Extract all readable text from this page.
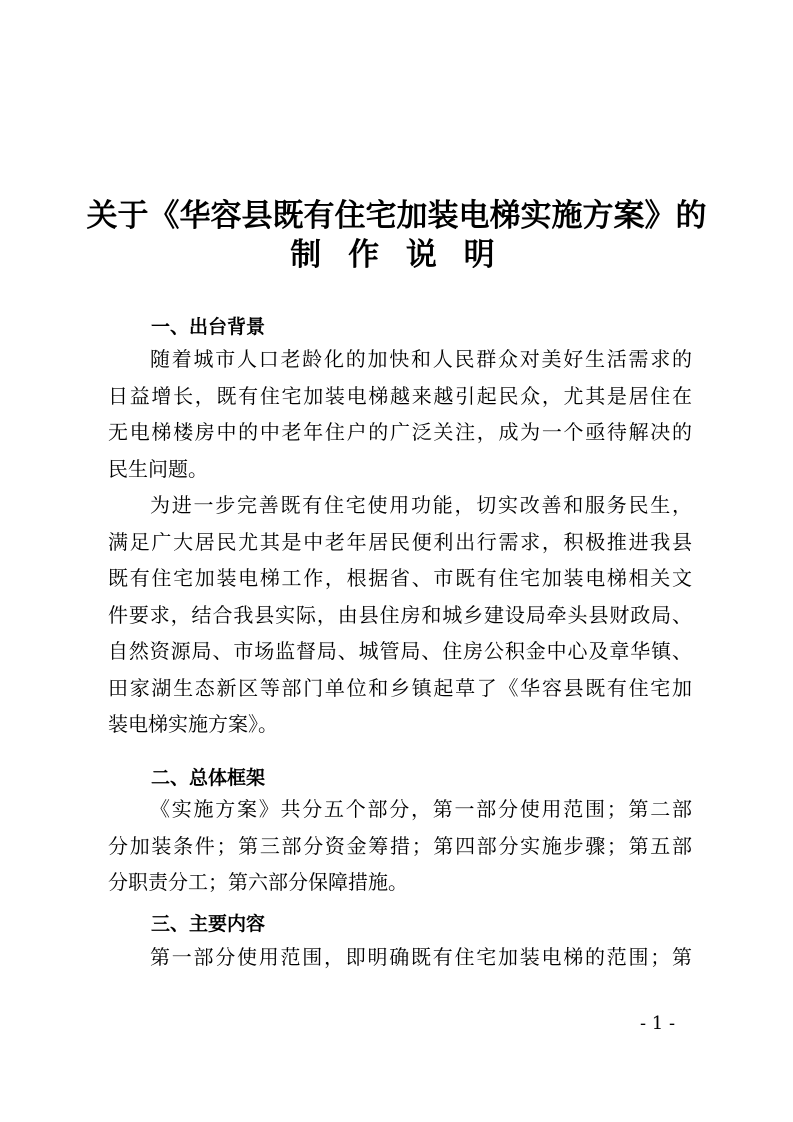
关于《华容县既有住宅加装电梯实施方案》的
制 作 说 明
一、出台背景
随着城市人口老龄化的加快和人民群众对美好生活需求的
日益增长，既有住宅加装电梯越来越引起民众，尤其是居住在
无电梯楼房中的中老年住户的广泛关注，成为一个亟待解决的
民生问题。
为进一步完善既有住宅使用功能，切实改善和服务民生，
满足广大居民尤其是中老年居民便利出行需求，积极推进我县
既有住宅加装电梯工作，根据省、市既有住宅加装电梯相关文
件要求，结合我县实际，由县住房和城乡建设局牵头县财政局、
自然资源局、市场监督局、城管局、住房公积金中心及章华镇、
田家湖生态新区等部门单位和乡镇起草了《华容县既有住宅加
装电梯实施方案》。
二、总体框架
《实施方案》共分五个部分，第一部分使用范围；第二部
分加装条件；第三部分资金筹措；第四部分实施步骤；第五部
分职责分工；第六部分保障措施。
三、主要内容
第一部分使用范围，即明确既有住宅加装电梯的范围；第
- 1 -
